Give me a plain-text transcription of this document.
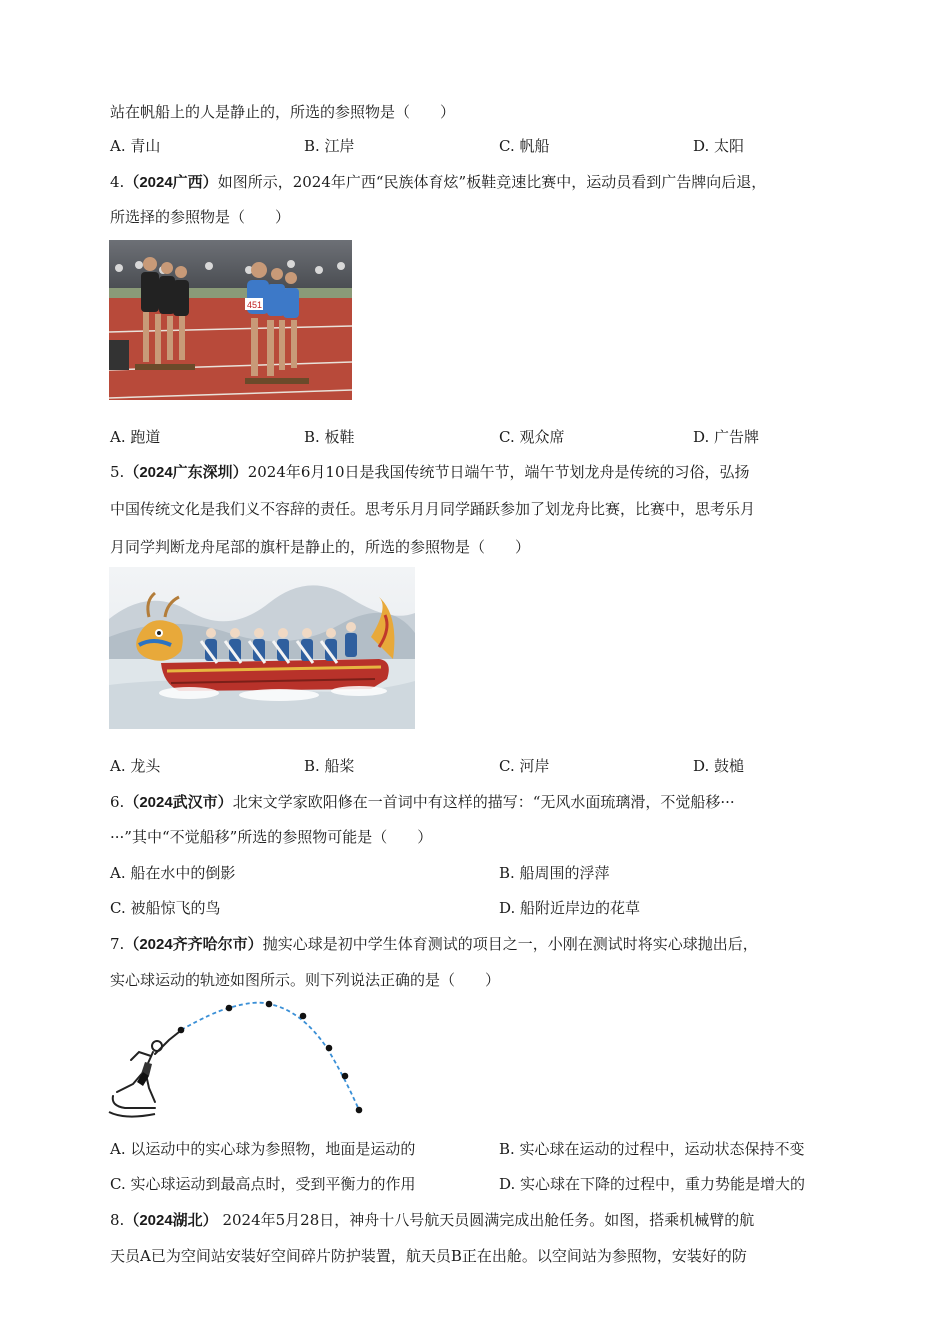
站在帆船上的人是静止的，所选的参照物是（　　）
A. 青山	B. 江岸	C. 帆船	D. 太阳
4.（2024广西）如图所示，2024年广西“民族体育炫”板鞋竞速比赛中，运动员看到广告牌向后退，
所选择的参照物是（　　）
451
A. 跑道	B. 板鞋	C. 观众席	D. 广告牌
5.（2024广东深圳）2024年6月10日是我国传统节日端午节，端午节划龙舟是传统的习俗，弘扬
中国传统文化是我们义不容辞的责任。思考乐月月同学踊跃参加了划龙舟比赛，比赛中，思考乐月
月同学判断龙舟尾部的旗杆是静止的，所选的参照物是（　　）
A. 龙头	B. 船桨	C. 河岸	D. 鼓槌
6.（2024武汉市）北宋文学家欧阳修在一首词中有这样的描写：“无风水面琉璃滑，不觉船移···
···”其中“不觉船移”所选的参照物可能是（　　）
A. 船在水中的倒影	B. 船周围的浮萍
C. 被船惊飞的鸟	D. 船附近岸边的花草
7.（2024齐齐哈尔市）抛实心球是初中学生体育测试的项目之一，小刚在测试时将实心球抛出后，
实心球运动的轨迹如图所示。则下列说法正确的是（　　）
A. 以运动中的实心球为参照物，地面是运动的	B. 实心球在运动的过程中，运动状态保持不变
C. 实心球运动到最高点时，受到平衡力的作用	D. 实心球在下降的过程中，重力势能是增大的
8.（2024湖北） 2024年5月28日，神舟十八号航天员圆满完成出舱任务。如图，搭乘机械臂的航
天员A已为空间站安装好空间碎片防护装置，航天员B正在出舱。以空间站为参照物，安装好的防
